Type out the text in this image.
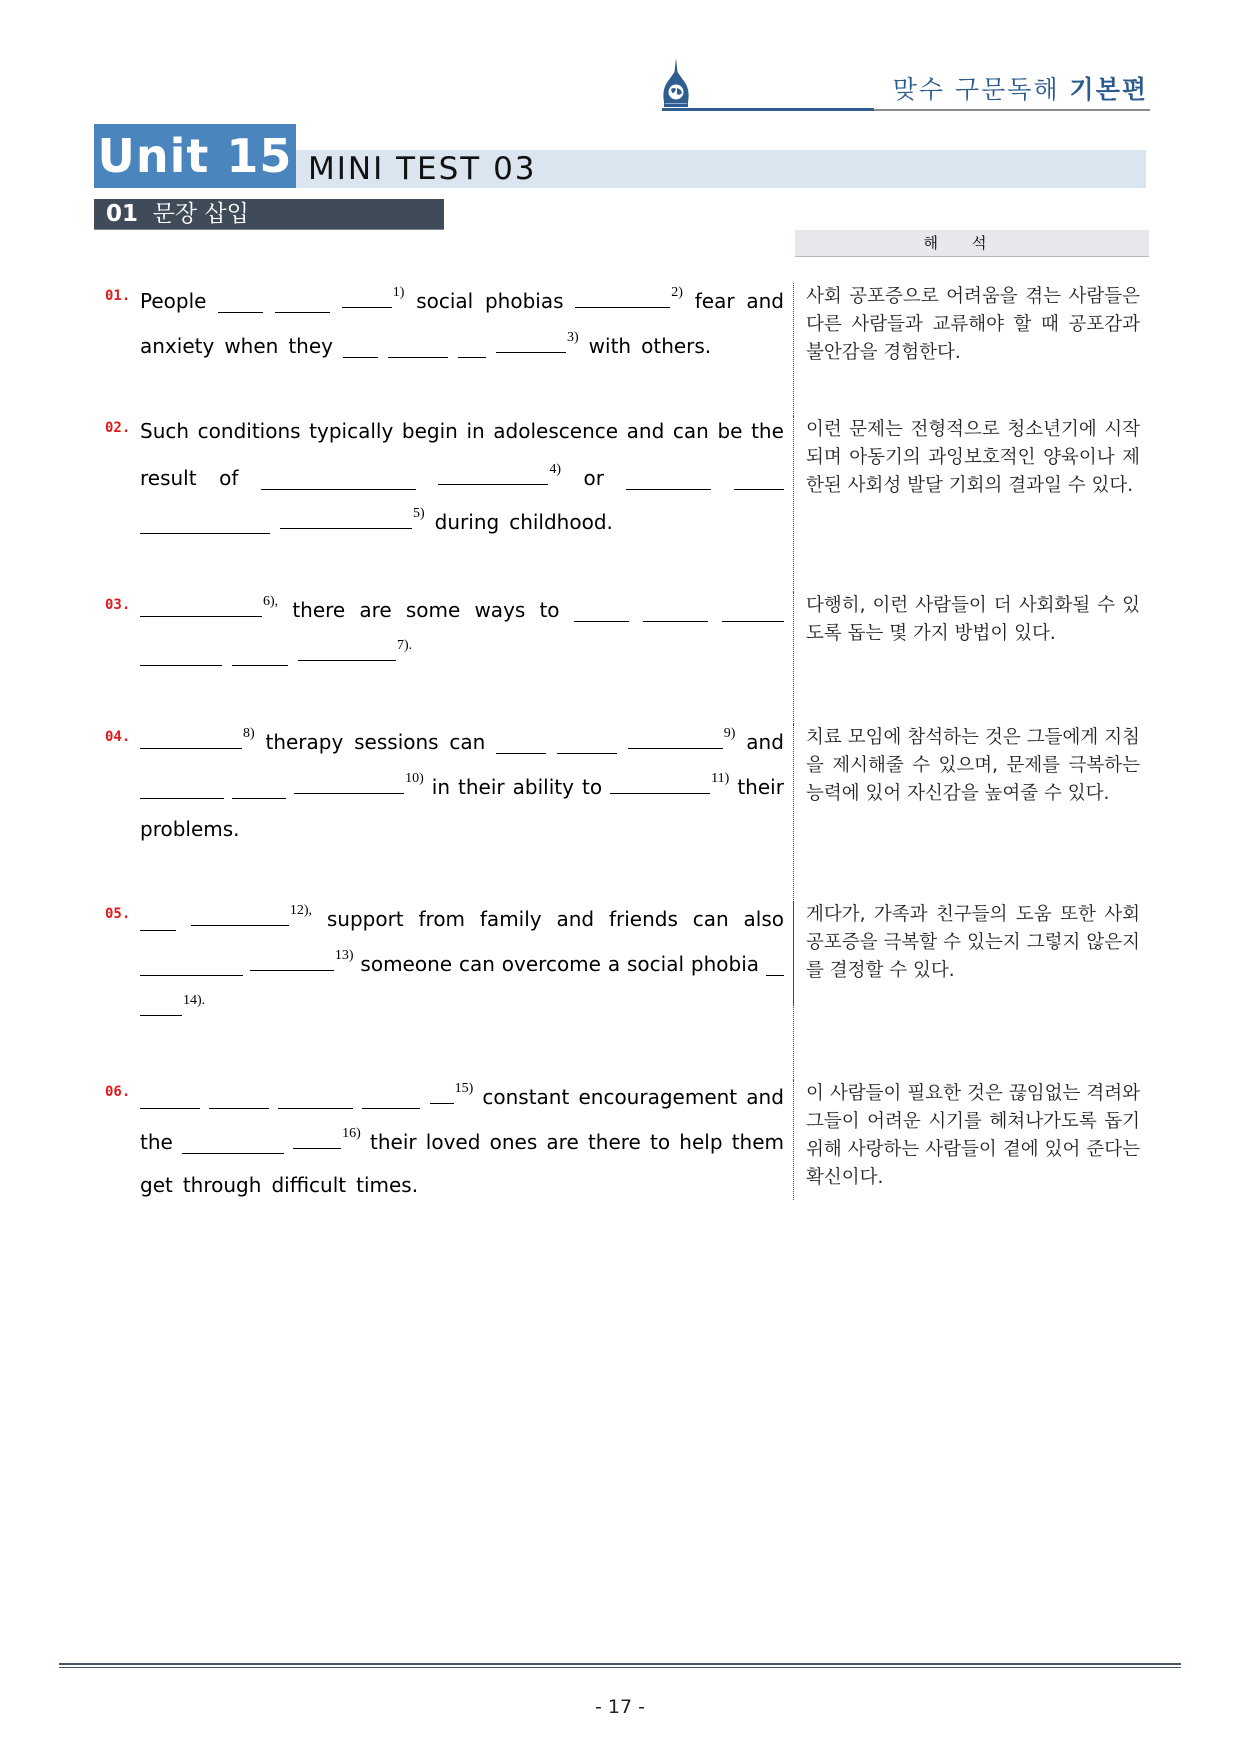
맞수 구문독해 기본편
Unit 15 MINI TEST 03
01 문장 삽입
해석
01. People	$^{1)}$ social phobias	$^{2)}$ fear and
anxiety when they	$^{3)}$ with others.
사회 공포증으로 어려움을 겪는 사람들은 다른 사람들과 교류해야 할 때 공포감과 불안감을 경험한다.
02. Such conditions typically begin in adolescence and can be the
result of	$^{4)}$ or
$^{5)}$ during childhood.
이런 문제는 전형적으로 청소년기에 시작되며 아동기의 과잉보호적인 양육이나 제한된 사회성 발달 기회의 결과일 수 있다.
03.	$^{6),}$ there are some ways to
$^{7).}$
다행히, 이런 사람들이 더 사회화될 수 있도록 돕는 몇 가지 방법이 있다.
04.	$^{8)}$ therapy sessions can	$^{9)}$ and
$^{10)}$ in their ability to	$^{11)}$ their
problems.
치료 모임에 참석하는 것은 그들에게 지침을 제시해줄 수 있으며, 문제를 극복하는 능력에 있어 자신감을 높여줄 수 있다.
05.	$^{12),}$ support from family and friends can also
$^{13)}$ someone can overcome a social phobia
$^{14).}$
게다가, 가족과 친구들의 도움 또한 사회 공포증을 극복할 수 있는지 그렇지 않은지를 결정할 수 있다.
06.	$^{15)}$ constant encouragement and
the	$^{16)}$ their loved ones are there to help them
get through difficult times.
이 사람들이 필요한 것은 끊임없는 격려와 그들이 어려운 시기를 헤쳐나가도록 돕기 위해 사랑하는 사람들이 곁에 있어 준다는 확신이다.
- 17 -
